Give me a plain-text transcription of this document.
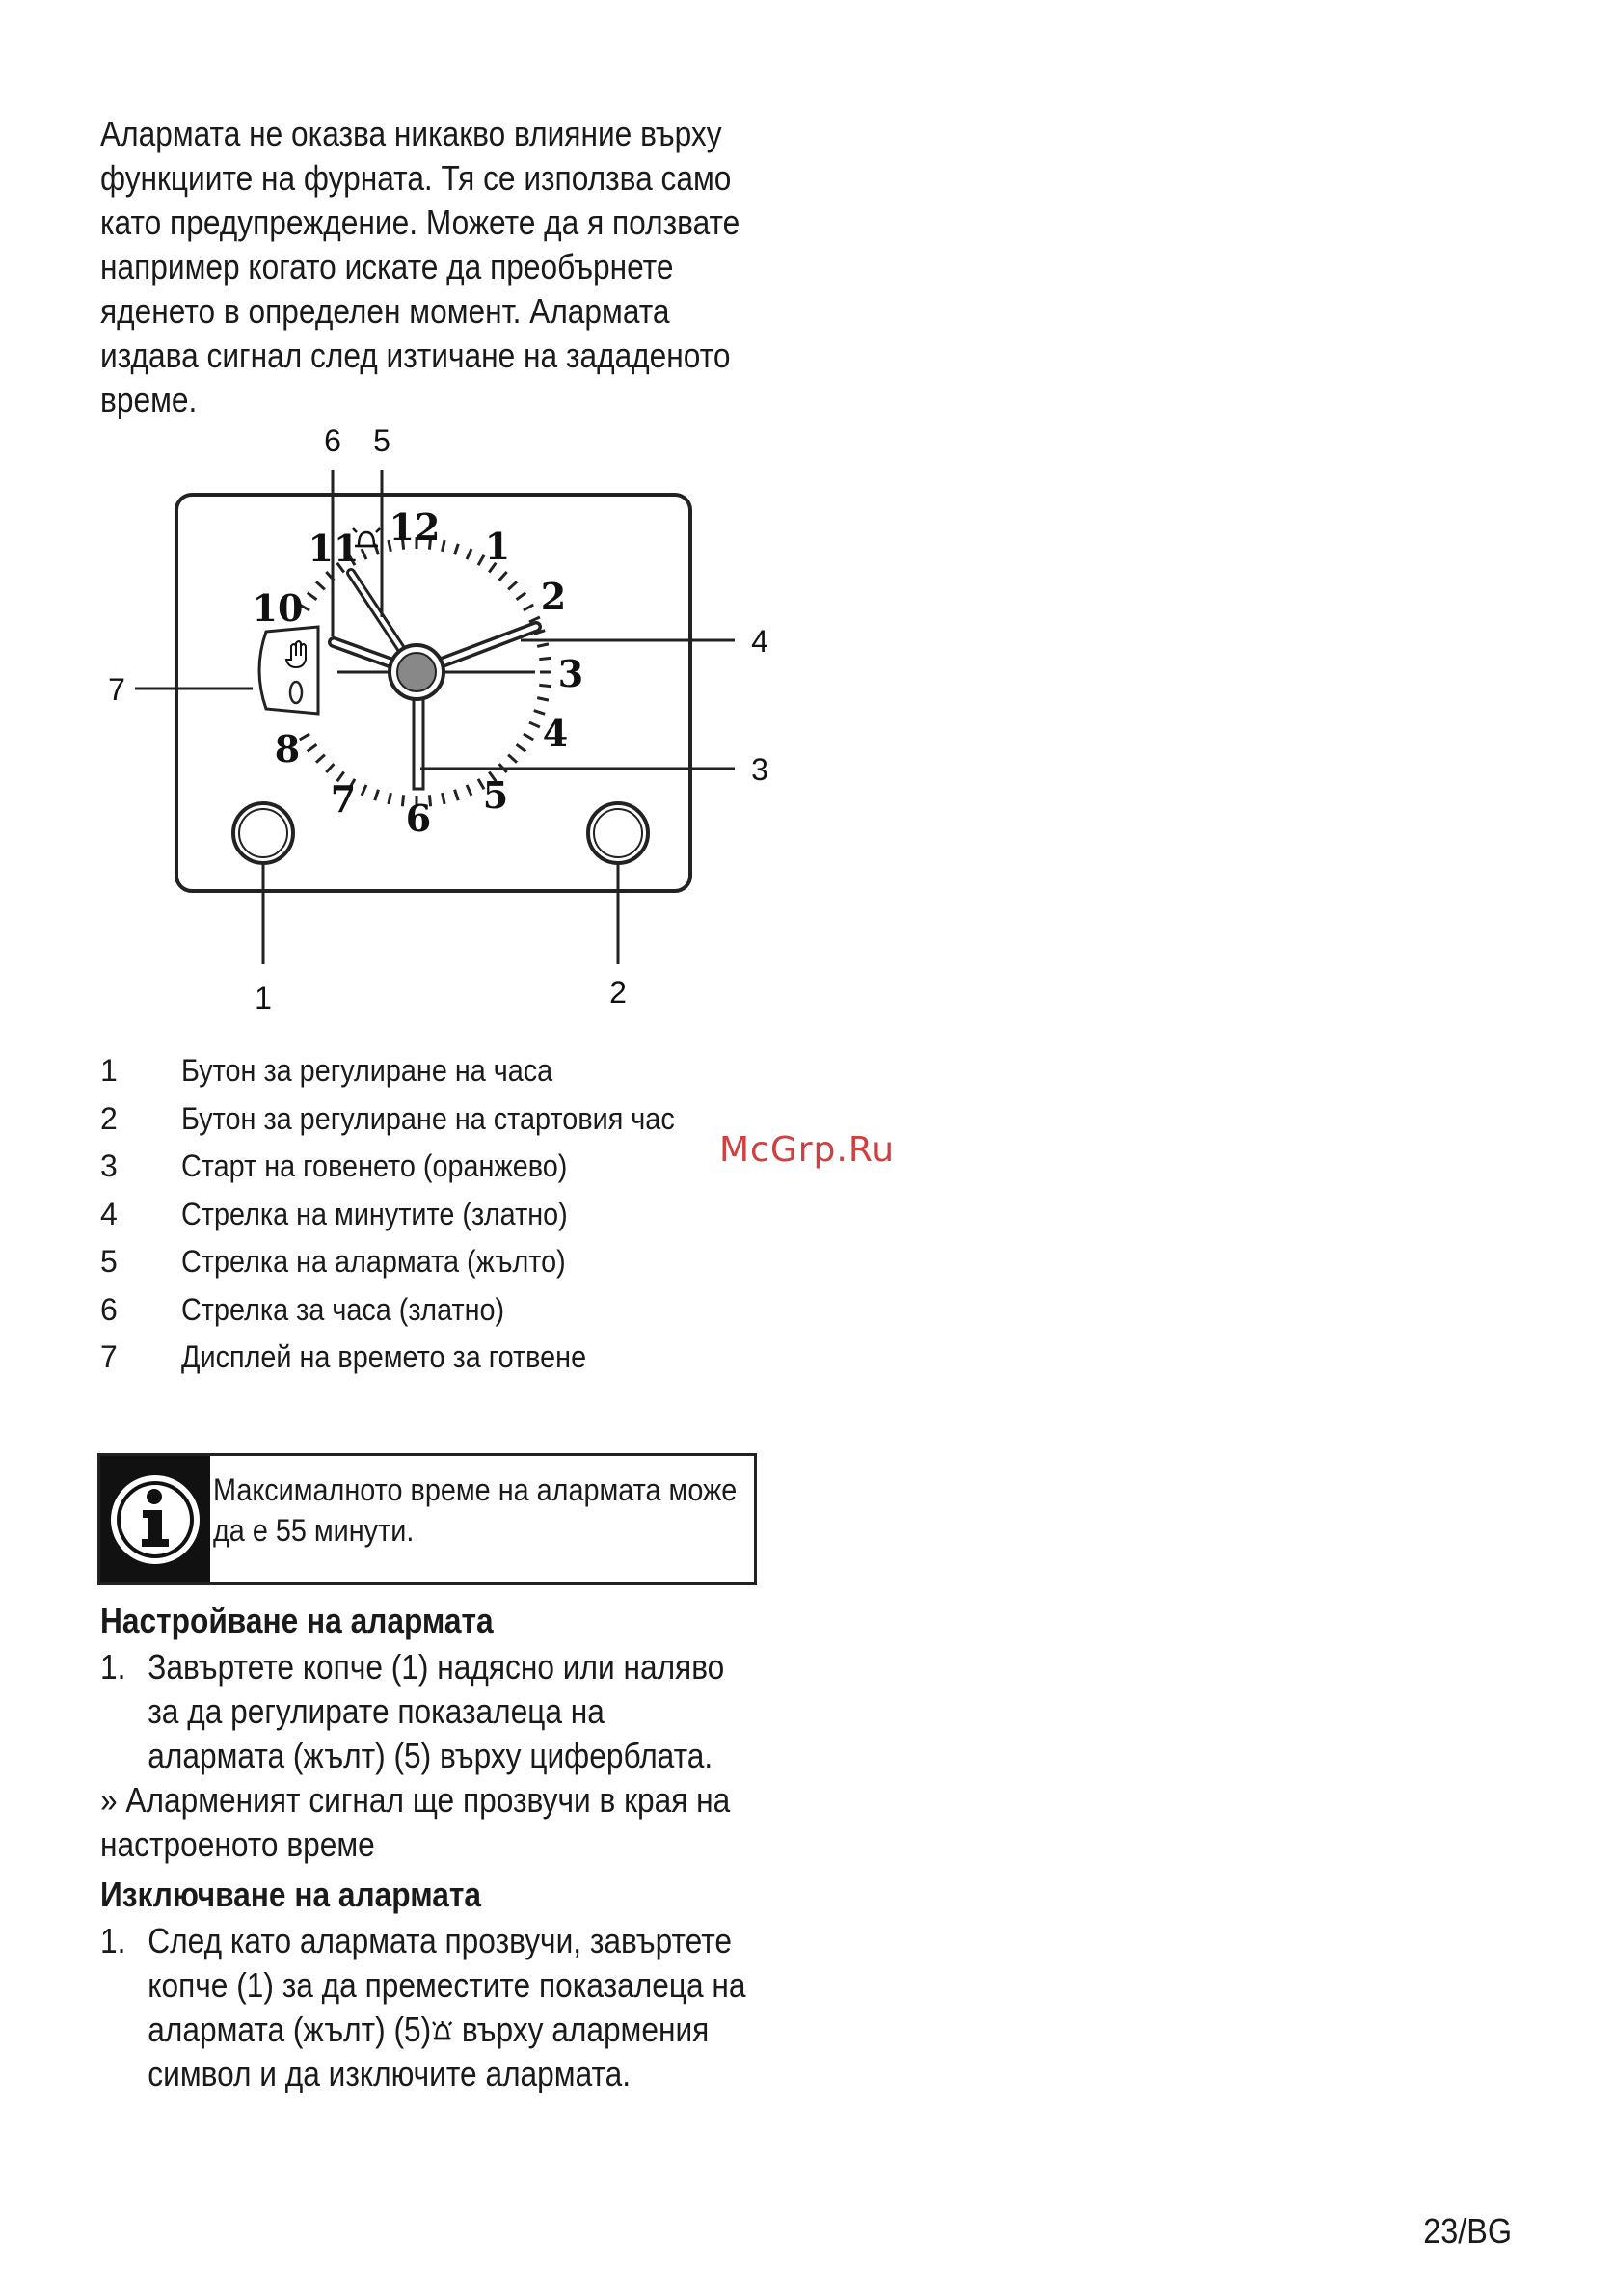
Алармата не оказва никакво влияние върху
функциите на фурната. Тя се използва само
като предупреждение. Можете да я ползвате
например когато искате да преобърнете
яденето в определен момент. Алармата
издава сигнал след изтичане на зададеното
време.
12 1
2
3
4
5
6
7
8
10
11
6 5
4
3
7
1	2
1 Бутон за регулиране на часа
2 Бутон за регулиране на стартовия час
3 Старт на говенето (оранжево)
4 Стрелка на минутите (златно)
5 Стрелка на алармата (жълто)
6 Стрелка за часа (златно)
7 Дисплей на времето за готвене
McGrp.Ru
Максималното време на алармата може
да е 55 минути.
Настройване на алармата
1. Завъртете копче (1) надясно или наляво
за да регулирате показалеца на
алармата (жълт) (5) върху циферблата.
» Алармeният сигнал ще прозвучи в края на
настроеното време
Изключване на алармата
1. След като алармата прозвучи, завъртете
копче (1) за да преместите показалеца на
алармата (жълт) (5) върху алармения
символ и да изключите алармата.
23/BG
